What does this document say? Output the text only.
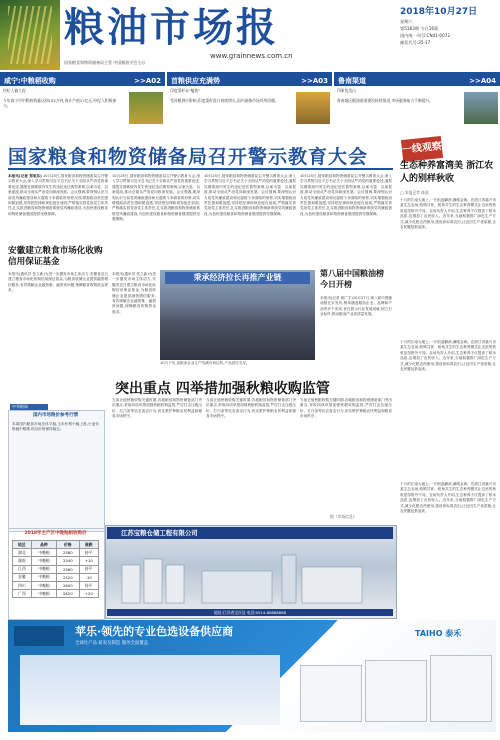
粮油市场报
www.grainnews.com.cn
国家粮食和物资储备局主管 中国粮油学会主办
2018年10月27日
星期六
第5183期 今日16版
国内统一刊号:CN41-0072
邮发代号:35-17
咸宁:中粮稻收购	>>A02
经纪人搞大促
今年咸宁市中稻收购量达到152万吨,预计产值17亿元,经纪人积极参与。
首粮供应充满势	>>A03
印度菜籽未"嗑饬"
受首粮供应影响,印度菜籽进口持续增长,国内油脂市场有所回暖。
鲁南渠道	>>A04
印象优美山
鲁南地区粮油渠道建设持续推进,市场服务能力不断提升。
国家粮食和物资储备局召开警示教育大会
本报讯(记者 郑旭东) 10月25日,国家粮食和物资储备局召开警示教育大会,深入学习贯彻习近平总书记关于全面从严治党的重要论述,通报近期系统内发生的违纪违法典型案例,以案为鉴、以案促改,推动全面从严治党向纵深发展。会议强调,要深刻认识当前党风廉政建设和反腐败斗争面临的形势,切实增强政治责任感和紧迫感,坚持把纪律和规矩挺在前面,严格落实管党治党主体责任,扎实推进粮食和物资储备系统党风廉政建设,为加快建设粮食和物资储备强国提供坚强保障。
10月25日,国家粮食和物资储备局召开警示教育大会,深入学习贯彻习近平总书记关于全面从严治党的重要论述,通报近期系统内发生的违纪违法典型案例,以案为鉴、以案促改,推动全面从严治党向纵深发展。会议强调,要深刻认识当前党风廉政建设和反腐败斗争面临的形势,切实增强政治责任感和紧迫感,坚持把纪律和规矩挺在前面,严格落实管党治党主体责任,扎实推进粮食和物资储备系统党风廉政建设,为加快建设粮食和物资储备强国提供坚强保障。
10月25日,国家粮食和物资储备局召开警示教育大会,深入学习贯彻习近平总书记关于全面从严治党的重要论述,通报近期系统内发生的违纪违法典型案例,以案为鉴、以案促改,推动全面从严治党向纵深发展。会议强调,要深刻认识当前党风廉政建设和反腐败斗争面临的形势,切实增强政治责任感和紧迫感,坚持把纪律和规矩挺在前面,严格落实管党治党主体责任,扎实推进粮食和物资储备系统党风廉政建设,为加快建设粮食和物资储备强国提供坚强保障。
10月25日,国家粮食和物资储备局召开警示教育大会,深入学习贯彻习近平总书记关于全面从严治党的重要论述,通报近期系统内发生的违纪违法典型案例,以案为鉴、以案促改,推动全面从严治党向纵深发展。会议强调,要深刻认识当前党风廉政建设和反腐败斗争面临的形势,切实增强政治责任感和紧迫感,坚持把纪律和规矩挺在前面,严格落实管党治党主体责任,扎实推进粮食和物资储备系统党风廉政建设,为加快建设粮食和物资储备强国提供坚强保障。
安徽建立粮食市场化收购信用保证基金
本报讯(通讯员 张立新)为进一步激发市场主体活力,安徽省近日建立粮食市场化收购信用保证基金,为粮食收储企业提供融资增信服务,有效缓解企业融资难、融资贵问题,保障粮食收购资金需求。
本报讯(通讯员 张立新)为进一步激发市场主体活力,安徽省近日建立粮食市场化收购信用保证基金,为粮食收储企业提供融资增信服务,有效缓解企业融资难、融资贵问题,保障粮食收购资金需求。
秉承经济拉长再推产业链
10月下旬,某粮油企业生产线满负荷运转,产品供应充足。
第八届中国粮油榜今日开榜
本报讯(记者 黄广宇)10月27日,第八届中国粮油榜在京发布,榜单涵盖粮油企业、品牌和产品等多个类别,旨在展示行业发展成就,树立行业标杆,推动粮油产业高质量发展。
突出重点 四举措加强秋粮收购监管
当前正值秋粮收购关键时期,各地粮食和物资储备部门突出重点,采取四项举措加强秋粮收购监管,严厉打击压级压价、打白条等坑农害农行为,切实维护种粮农民利益和粮食市场秩序。
当前正值秋粮收购关键时期,各地粮食和物资储备部门突出重点,采取四项举措加强秋粮收购监管,严厉打击压级压价、打白条等坑农害农行为,切实维护种粮农民利益和粮食市场秩序。
当前正值秋粮收购关键时期,各地粮食和物资储备部门突出重点,采取四项举措加强秋粮收购监管,严厉打击压级压价、打白条等坑农害农行为,切实维护种粮农民利益和粮食市场秩序。
据《市场信息》
一线观察
生态种养富湾美 浙江农人的别样秋收
□ 本报记者 陈晨
十月的江南大地上,一片稻浪翻滚,满眼金黄。在浙江省嘉兴市某生态农场,稻鸭共育、稻鱼共生的生态种养模式让这里的秋收显得格外不同。农场负责人介绍,生态种养不仅提高了稻米品质,也增加了农民收入。近年来,当地积极推广绿色生产方式,减少化肥农药使用,建设高标准农田,让良田生产优质粮,让农民腰包鼓起来。
十月的江南大地上,一片稻浪翻滚,满眼金黄。在浙江省嘉兴市某生态农场,稻鸭共育、稻鱼共生的生态种养模式让这里的秋收显得格外不同。农场负责人介绍,生态种养不仅提高了稻米品质,也增加了农民收入。近年来,当地积极推广绿色生产方式,减少化肥农药使用,建设高标准农田,让良田生产优质粮,让农民腰包鼓起来。
十月的江南大地上,一片稻浪翻滚,满眼金黄。在浙江省嘉兴市某生态农场,稻鸭共育、稻鱼共生的生态种养模式让这里的秋收显得格外不同。农场负责人介绍,生态种养不仅提高了稻米品质,也增加了农民收入。近年来,当地积极推广绿色生产方式,减少化肥农药使用,建设高标准农田,让良田生产优质粮,让农民腰包鼓起来。
中华粮网
国内市场粮价参考行情
本周国内粮食市场总体平稳,玉米价格小幅上涨,小麦价格稳中略涨,稻谷价格保持稳定。
2018年主产区中晚籼稻收购价
地区	品种	价格	涨跌
湖北	中晚籼	2580	持平
湖南	中晚籼	2540	+10
江西	中晚籼	2560	持平
安徽	中晚籼	2520	-10
四川	中晚籼	2600	持平
广西	中晚籼	2620	+20
江苏宝粮仓储工程有限公司
地址:江苏省宝应县 电话:0514-88888888
苹乐·领先的专业色选设备供应商
全球化产品 研发及制造 服务全面覆盖
TAIHO 泰禾
